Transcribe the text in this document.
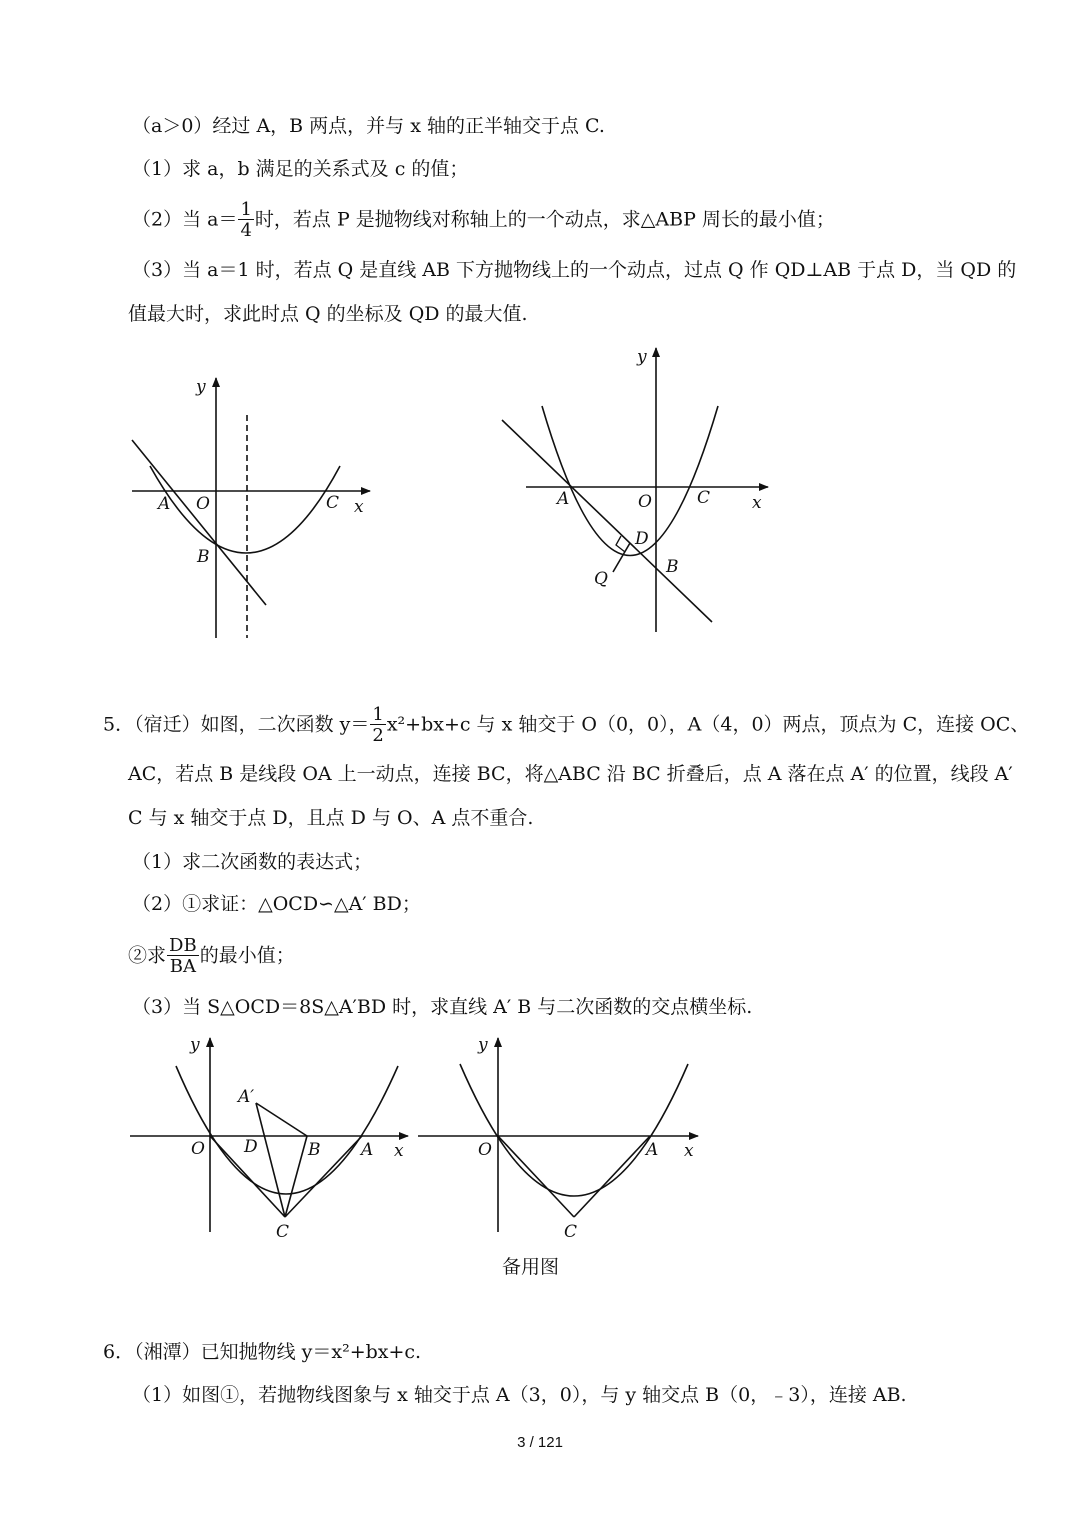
（a＞0）经过 A，B 两点，并与 x 轴的正半轴交于点 C.
（1）求 a，b 满足的关系式及 c 的值；
（2）当 $a= \frac{1}{4}$ 时，若点 P 是抛物线对称轴上的一个动点，求△ABP 周长的最小值；
（3）当 a＝1 时，若点 Q 是直线 AB 下方抛物线上的一个动点，过点 Q 作 QD⊥AB 于点 D，当 QD 的
值最大时，求此时点 Q 的坐标及 QD 的最大值.
5．（宿迁）如图，二次函数 $y= \frac{1}{2} x^2+bx+c$ 与 x 轴交于 O（0，0），A（4，0）两点，顶点为 C，连接 OC、
AC，若点 B 是线段 OA 上一动点，连接 BC，将△ABC 沿 BC 折叠后，点 A 落在点 A′ 的位置，线段 A′
C 与 x 轴交于点 D，且点 D 与 O、A 点不重合.
（1）求二次函数的表达式；
（2）①求证：△OCD∽△A′ BD；
②求 $\frac{DB}{BA}$ 的最小值；
（3）当 S△OCD＝8S△A′BD 时，求直线 A′ B 与二次函数的交点横坐标.
6．（湘潭）已知抛物线 y＝x²+bx+c.
（1）如图①，若抛物线图象与 x 轴交于点 A（3，0），与 y 轴交点 B（0，﹣3），连接 AB.
3 / 121
备用图
y
x
A O	C
B
y
x
A	O	C
D
Q
B
y
x
O D	B A
C
A′
y
x
O	A
C
